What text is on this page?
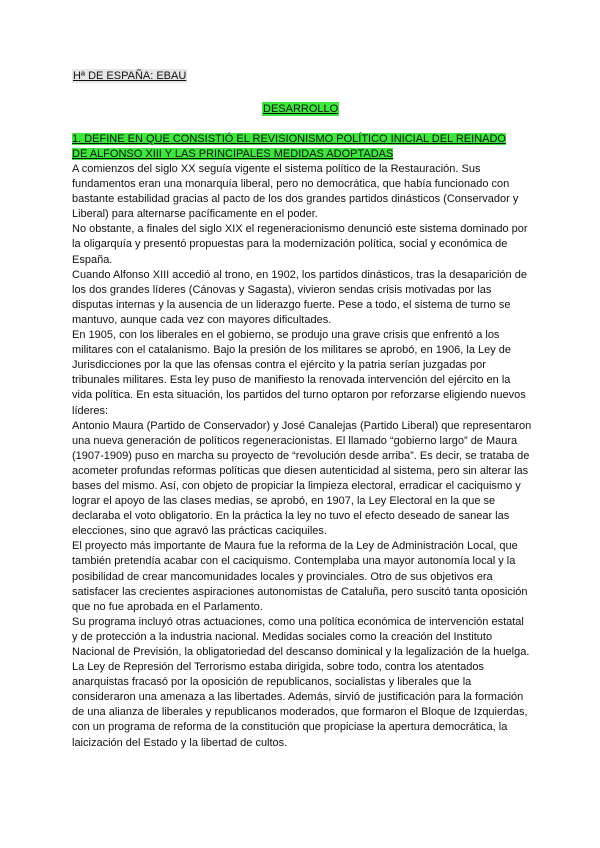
Hª DE ESPAÑA: EBAU
DESARROLLO

1. DEFINE EN QUE CONSISTIÓ EL REVISIONISMO POLÍTICO INICIAL DEL REINADO DE ALFONSO XIII Y LAS PRINCIPALES MEDIDAS ADOPTADAS

A comienzos del siglo XX seguía vigente el sistema político de la Restauración. Sus fundamentos eran una monarquía liberal, pero no democrática, que había funcionado con bastante estabilidad gracias al pacto de los dos grandes partidos dinásticos (Conservador y Liberal) para alternarse pacíficamente en el poder.

No obstante, a finales del siglo XIX el regeneracionismo denunció este sistema dominado por la oligarquía y presentó propuestas para la modernización política, social y económica de España.

Cuando Alfonso XIII accedió al trono, en 1902, los partidos dinásticos, tras la desaparición de los dos grandes líderes (Cánovas y Sagasta), vivieron sendas crisis motivadas por las disputas internas y la ausencia de un liderazgo fuerte. Pese a todo, el sistema de turno se mantuvo, aunque cada vez con mayores dificultades.

En 1905, con los liberales en el gobierno, se produjo una grave crisis que enfrentó a los militares con el catalanismo. Bajo la presión de los militares se aprobó, en 1906, la Ley de Jurisdicciones por la que las ofensas contra el ejército y la patria serían juzgadas por tribunales militares. Esta ley puso de manifiesto la renovada intervención del ejército en la vida política. En esta situación, los partidos del turno optaron por reforzarse eligiendo nuevos líderes:

Antonio Maura (Partido de Conservador) y José Canalejas (Partido Liberal) que representaron una nueva generación de políticos regeneracionistas. El llamado “gobierno largo” de Maura (1907-1909) puso en marcha su proyecto de “revolución desde arriba”. Es decir, se trataba de acometer profundas reformas políticas que diesen autenticidad al sistema, pero sin alterar las bases del mismo. Así, con objeto de propiciar la limpieza electoral, erradicar el caciquismo y lograr el apoyo de las clases medias, se aprobó, en 1907, la Ley Electoral en la que se declaraba el voto obligatorio. En la práctica la ley no tuvo el efecto deseado de sanear las elecciones, sino que agravó las prácticas caciquiles.

El proyecto más importante de Maura fue la reforma de la Ley de Administración Local, que también pretendía acabar con el caciquismo. Contemplaba una mayor autonomía local y la posibilidad de crear mancomunidades locales y provinciales. Otro de sus objetivos era satisfacer las crecientes aspiraciones autonomistas de Cataluña, pero suscitó tanta oposición que no fue aprobada en el Parlamento.

Su programa incluyó otras actuaciones, como una política económica de intervención estatal y de protección a la industria nacional. Medidas sociales como la creación del Instituto Nacional de Previsión, la obligatoriedad del descanso dominical y la legalización de la huelga.

La Ley de Represión del Terrorismo estaba dirigida, sobre todo, contra los atentados anarquistas fracasó por la oposición de republicanos, socialistas y liberales que la consideraron una amenaza a las libertades. Además, sirvió de justificación para la formación de una alianza de liberales y republicanos moderados, que formaron el Bloque de Izquierdas, con un programa de reforma de la constitución que propiciase la apertura democrática, la laicización del Estado y la libertad de cultos.
